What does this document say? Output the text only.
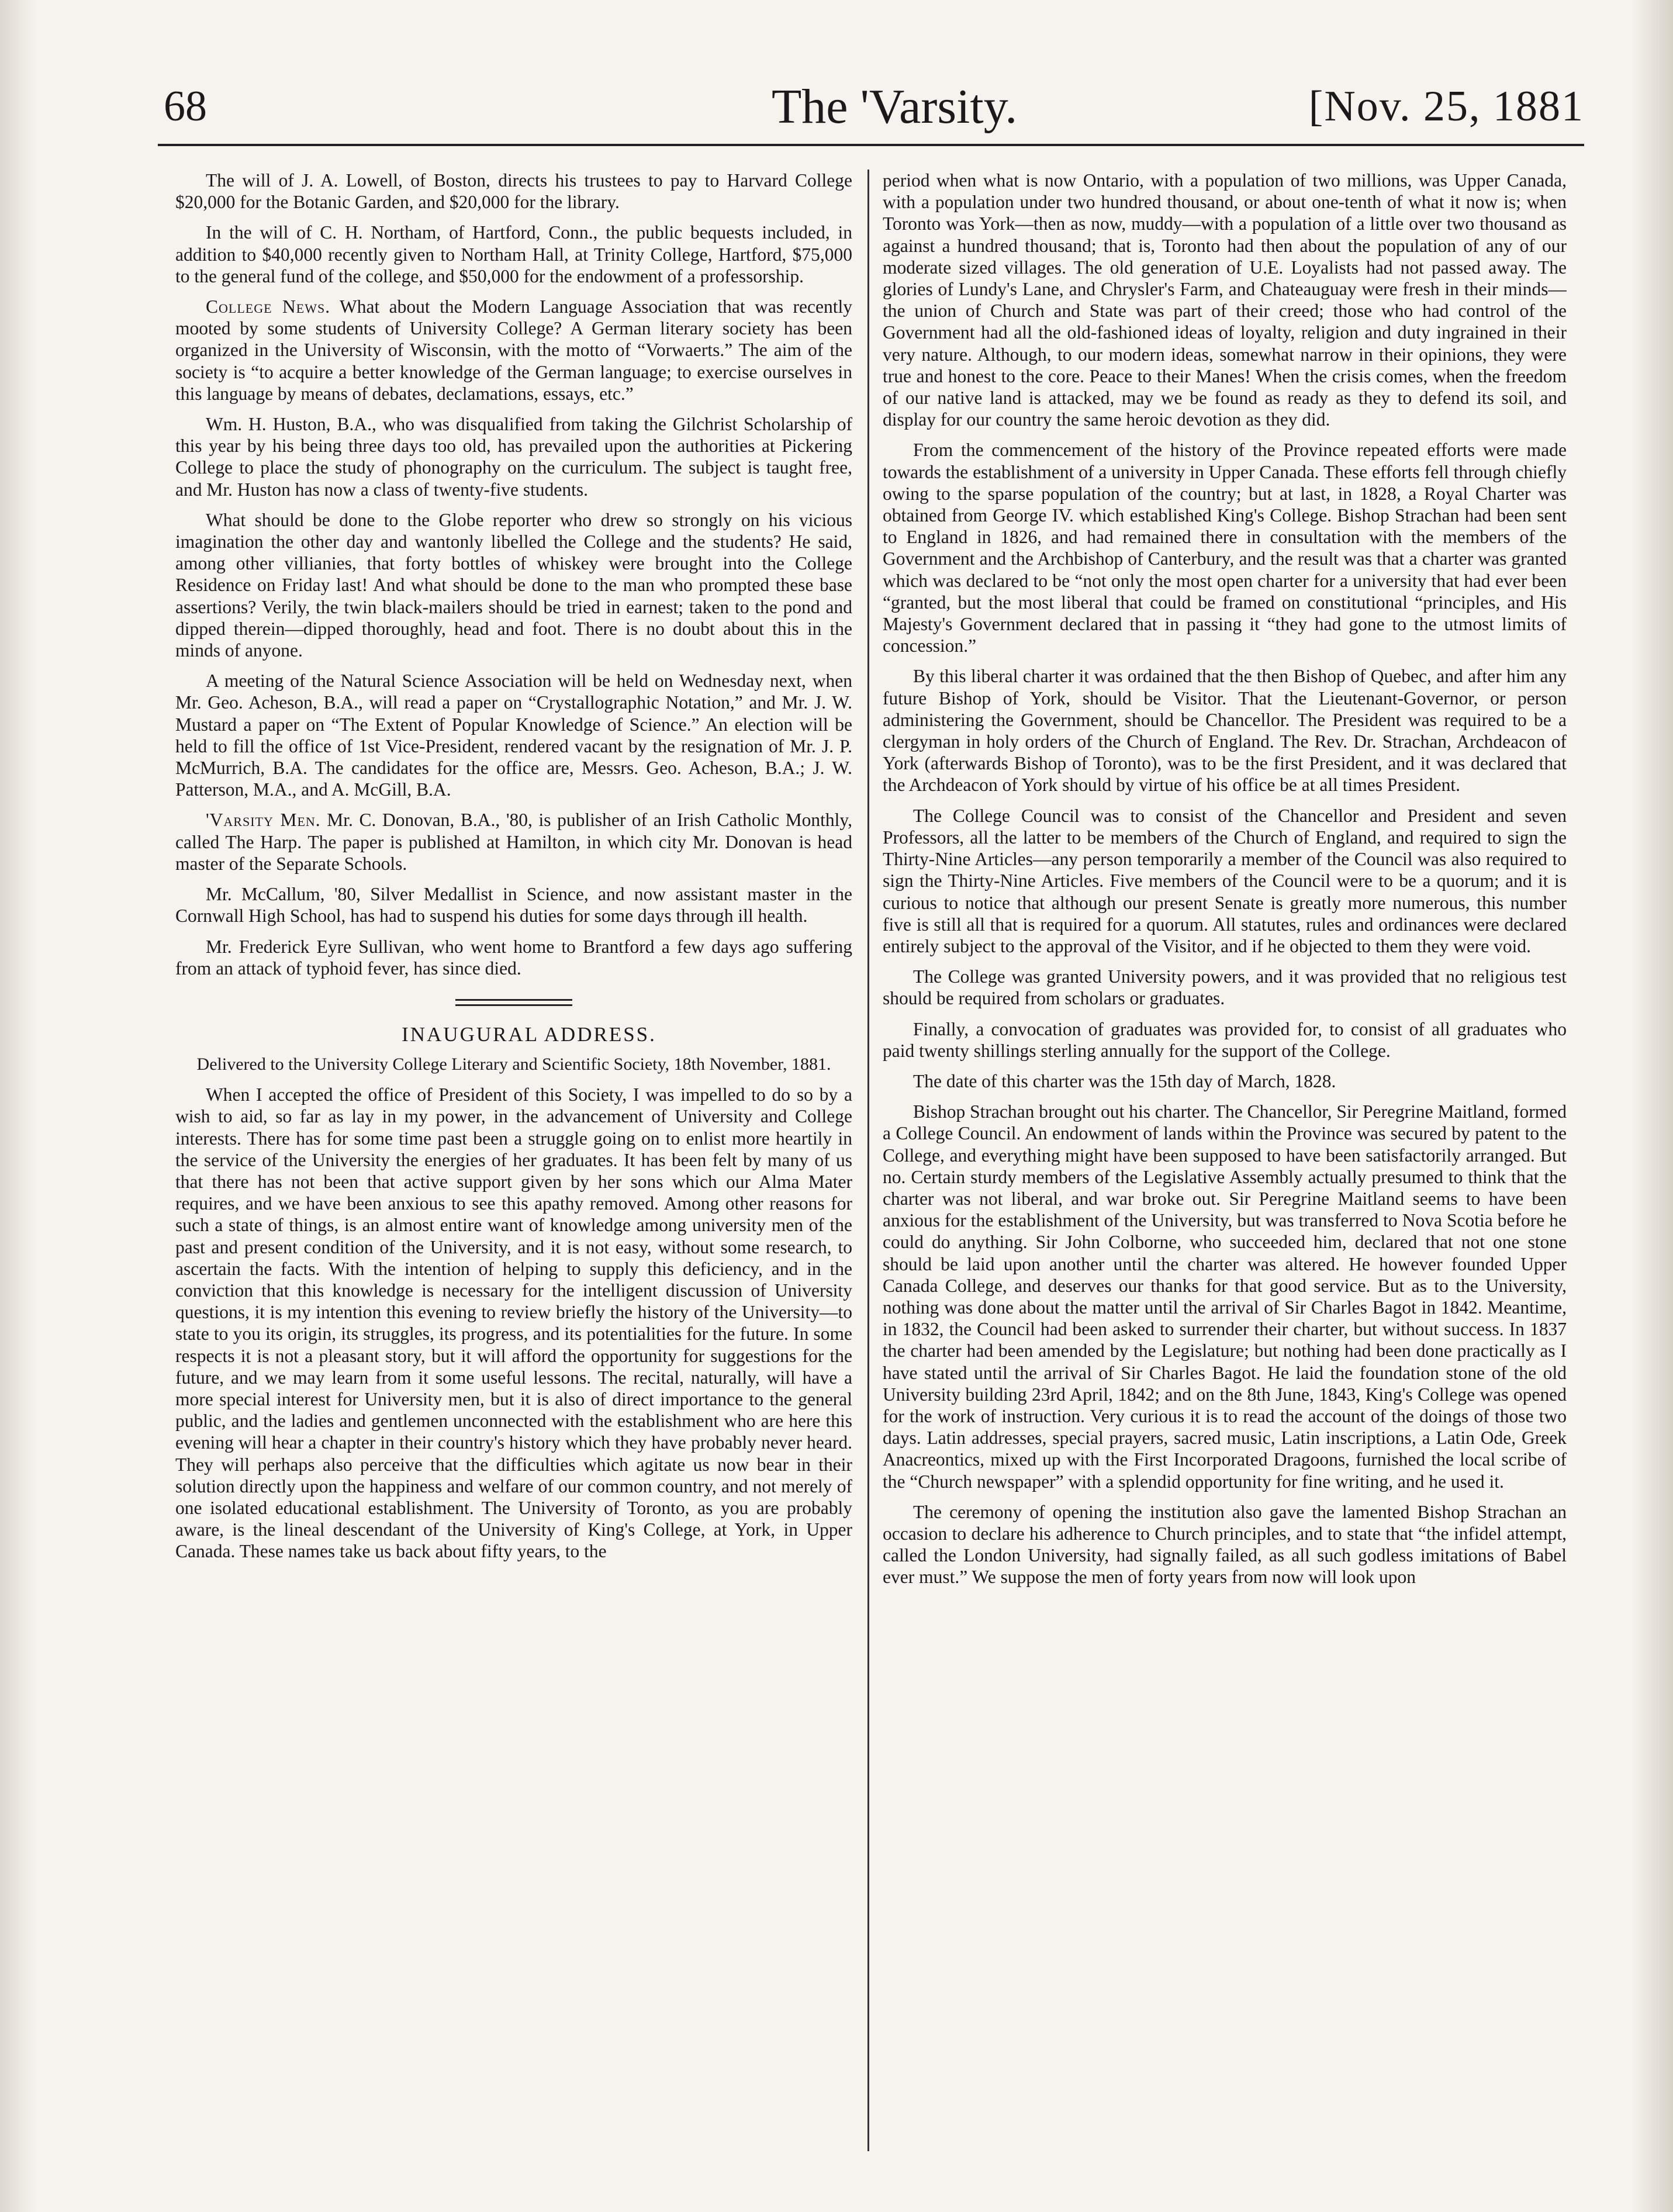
68	The 'Varsity.	[Nov. 25, 1881

The will of J. A. Lowell, of Boston, directs his trustees to pay to Harvard College $20,000 for the Botanic Garden, and $20,000 for the library.

In the will of C. H. Northam, of Hartford, Conn., the public bequests included, in addition to $40,000 recently given to Northam Hall, at Trinity College, Hartford, $75,000 to the general fund of the college, and $50,000 for the endowment of a professorship.

College News. What about the Modern Language Association that was recently mooted by some students of University College? A German literary society has been organized in the University of Wisconsin, with the motto of “Vorwaerts.” The aim of the society is “to acquire a better knowledge of the German language; to exercise ourselves in this language by means of debates, declamations, essays, etc.”

Wm. H. Huston, B.A., who was disqualified from taking the Gilchrist Scholarship of this year by his being three days too old, has prevailed upon the authorities at Pickering College to place the study of phonography on the curriculum. The subject is taught free, and Mr. Huston has now a class of twenty-five students.

What should be done to the Globe reporter who drew so strongly on his vicious imagination the other day and wantonly libelled the College and the students? He said, among other villianies, that forty bottles of whiskey were brought into the College Residence on Friday last! And what should be done to the man who prompted these base assertions? Verily, the twin black-mailers should be tried in earnest; taken to the pond and dipped therein—dipped thoroughly, head and foot. There is no doubt about this in the minds of anyone.

A meeting of the Natural Science Association will be held on Wednesday next, when Mr. Geo. Acheson, B.A., will read a paper on “Crystallographic Notation,” and Mr. J. W. Mustard a paper on “The Extent of Popular Knowledge of Science.” An election will be held to fill the office of 1st Vice-President, rendered vacant by the resignation of Mr. J. P. McMurrich, B.A. The candidates for the office are, Messrs. Geo. Acheson, B.A.; J. W. Patterson, M.A., and A. McGill, B.A.

'Varsity Men. Mr. C. Donovan, B.A., '80, is publisher of an Irish Catholic Monthly, called The Harp. The paper is published at Hamilton, in which city Mr. Donovan is head master of the Separate Schools.

Mr. McCallum, '80, Silver Medallist in Science, and now assistant master in the Cornwall High School, has had to suspend his duties for some days through ill health.

Mr. Frederick Eyre Sullivan, who went home to Brantford a few days ago suffering from an attack of typhoid fever, has since died.

INAUGURAL ADDRESS.

Delivered to the University College Literary and Scientific Society, 18th November, 1881.

When I accepted the office of President of this Society, I was impelled to do so by a wish to aid, so far as lay in my power, in the advancement of University and College interests. There has for some time past been a struggle going on to enlist more heartily in the service of the University the energies of her graduates. It has been felt by many of us that there has not been that active support given by her sons which our Alma Mater requires, and we have been anxious to see this apathy removed. Among other reasons for such a state of things, is an almost entire want of knowledge among university men of the past and present condition of the University, and it is not easy, without some research, to ascertain the facts. With the intention of helping to supply this deficiency, and in the conviction that this knowledge is necessary for the intelligent discussion of University questions, it is my intention this evening to review briefly the history of the University—to state to you its origin, its struggles, its progress, and its potentialities for the future. In some respects it is not a pleasant story, but it will afford the opportunity for suggestions for the future, and we may learn from it some useful lessons. The recital, naturally, will have a more special interest for University men, but it is also of direct importance to the general public, and the ladies and gentlemen unconnected with the establishment who are here this evening will hear a chapter in their country's history which they have probably never heard. They will perhaps also perceive that the difficulties which agitate us now bear in their solution directly upon the happiness and welfare of our common country, and not merely of one isolated educational establishment. The University of Toronto, as you are probably aware, is the lineal descendant of the University of King's College, at York, in Upper Canada. These names take us back about fifty years, to the

period when what is now Ontario, with a population of two millions, was Upper Canada, with a population under two hundred thousand, or about one-tenth of what it now is; when Toronto was York—then as now, muddy—with a population of a little over two thousand as against a hundred thousand; that is, Toronto had then about the population of any of our moderate sized villages. The old generation of U.E. Loyalists had not passed away. The glories of Lundy's Lane, and Chrysler's Farm, and Chateauguay were fresh in their minds—the union of Church and State was part of their creed; those who had control of the Government had all the old-fashioned ideas of loyalty, religion and duty ingrained in their very nature. Although, to our modern ideas, somewhat narrow in their opinions, they were true and honest to the core. Peace to their Manes! When the crisis comes, when the freedom of our native land is attacked, may we be found as ready as they to defend its soil, and display for our country the same heroic devotion as they did.

From the commencement of the history of the Province repeated efforts were made towards the establishment of a university in Upper Canada. These efforts fell through chiefly owing to the sparse population of the country; but at last, in 1828, a Royal Charter was obtained from George IV. which established King's College. Bishop Strachan had been sent to England in 1826, and had remained there in consultation with the members of the Government and the Archbishop of Canterbury, and the result was that a charter was granted which was declared to be “not only the most open charter for a university that had ever been “granted, but the most liberal that could be framed on constitutional “principles, and His Majesty's Government declared that in passing it “they had gone to the utmost limits of concession.”

By this liberal charter it was ordained that the then Bishop of Quebec, and after him any future Bishop of York, should be Visitor. That the Lieutenant-Governor, or person administering the Government, should be Chancellor. The President was required to be a clergyman in holy orders of the Church of England. The Rev. Dr. Strachan, Archdeacon of York (afterwards Bishop of Toronto), was to be the first President, and it was declared that the Archdeacon of York should by virtue of his office be at all times President.

The College Council was to consist of the Chancellor and President and seven Professors, all the latter to be members of the Church of England, and required to sign the Thirty-Nine Articles—any person temporarily a member of the Council was also required to sign the Thirty-Nine Articles. Five members of the Council were to be a quorum; and it is curious to notice that although our present Senate is greatly more numerous, this number five is still all that is required for a quorum. All statutes, rules and ordinances were declared entirely subject to the approval of the Visitor, and if he objected to them they were void.

The College was granted University powers, and it was provided that no religious test should be required from scholars or graduates.

Finally, a convocation of graduates was provided for, to consist of all graduates who paid twenty shillings sterling annually for the support of the College.

The date of this charter was the 15th day of March, 1828.

Bishop Strachan brought out his charter. The Chancellor, Sir Peregrine Maitland, formed a College Council. An endowment of lands within the Province was secured by patent to the College, and everything might have been supposed to have been satisfactorily arranged. But no. Certain sturdy members of the Legislative Assembly actually presumed to think that the charter was not liberal, and war broke out. Sir Peregrine Maitland seems to have been anxious for the establishment of the University, but was transferred to Nova Scotia before he could do anything. Sir John Colborne, who succeeded him, declared that not one stone should be laid upon another until the charter was altered. He however founded Upper Canada College, and deserves our thanks for that good service. But as to the University, nothing was done about the matter until the arrival of Sir Charles Bagot in 1842. Meantime, in 1832, the Council had been asked to surrender their charter, but without success. In 1837 the charter had been amended by the Legislature; but nothing had been done practically as I have stated until the arrival of Sir Charles Bagot. He laid the foundation stone of the old University building 23rd April, 1842; and on the 8th June, 1843, King's College was opened for the work of instruction. Very curious it is to read the account of the doings of those two days. Latin addresses, special prayers, sacred music, Latin inscriptions, a Latin Ode, Greek Anacreontics, mixed up with the First Incorporated Dragoons, furnished the local scribe of the “Church newspaper” with a splendid opportunity for fine writing, and he used it.

The ceremony of opening the institution also gave the lamented Bishop Strachan an occasion to declare his adherence to Church principles, and to state that “the infidel attempt, called the London University, had signally failed, as all such godless imitations of Babel ever must.” We suppose the men of forty years from now will look upon
